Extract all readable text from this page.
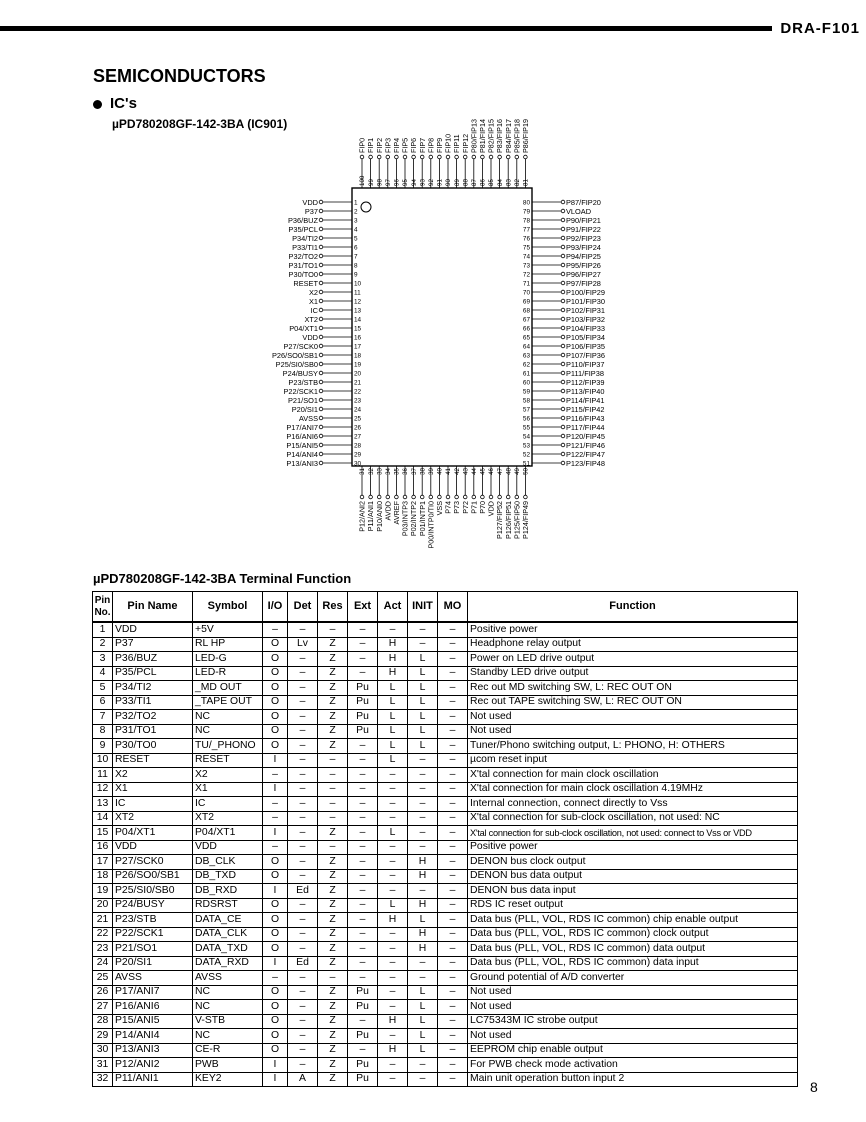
DRA-F101
SEMICONDUCTORS
IC's
µPD780208GF-142-3BA (IC901)
1
VDD
2
P37
3
P36/BUZ
4
P35/PCL
5
P34/TI2
6
P33/TI1
7
P32/TO2
8
P31/TO1
9
P30/TO0
10
RESET
11
X2
12
X1
13
IC
14
XT2
15
P04/XT1
16
VDD
17
P27/SCK0
18
P26/SO0/SB1
19
P25/SI0/SB0
20
P24/BUSY
21
P23/STB
22
P22/SCK1
23
P21/SO1
24
P20/SI1
25
AVSS
26
P17/ANI7
27
P16/ANI6
28
P15/ANI5
29
P14/ANI4
30
P13/ANI3
80	P87/FIP20
79	VLOAD
78	P90/FIP21
77	P91/FIP22
76	P92/FIP23
75	P93/FIP24
74	P94/FIP25
73	P95/FIP26
72	P96/FIP27
71	P97/FIP28
70	P100/FIP29
69	P101/FIP30
68	P102/FIP31
67	P103/FIP32
66	P104/FIP33
65	P105/FIP34
64	P106/FIP35
63	P107/FIP36
62	P110/FIP37
61	P111/FIP38
60	P112/FIP39
59	P113/FIP40
58	P114/FIP41
57	P115/FIP42
56	P116/FIP43
55	P117/FIP44
54	P120/FIP45
53	P121/FIP46
52	P122/FIP47
51	P123/FIP48
100
FIP0
99
FIP1
98
FIP2
97
FIP3
96
FIP4
95
FIP5
94
FIP6
93
FIP7
92
FIP8
91
FIP9
90
FIP10
89
FIP11
88
FIP12
87
P80/FIP13
86
P81/FIP14
85
P82/FIP15
84
P83/FIP16
83
P84/FIP17
82
P85/FIP18
81
P86/FIP19
31
P12/ANI2
32
P11/ANI1
33
P10/ANI0
34
AVDD
35
AVREF
36
P03/INTP3
37
P02/INTP2
38
P01/INTP1
39
P00/INTP0/TI0
40
VSS
41
P74
42
P73
43
P72
44
P71
45
P70
46
VDD
47
P127/FIP52
48
P126/FIP51
49
P125/FIP50
50
P124/FIP49
µPD780208GF-142-3BA Terminal Function
Pin No.	Pin Name	Symbol	I/O	Det	Res	Ext	Act	INIT	MO	Function
1	VDD	+5V	–	–	–	–	–	–	–	Positive power
2	P37	RL HP	O	Lv	Z	–	H	–	–	Headphone relay output
3	P36/BUZ	LED-G	O	–	Z	–	H	L	–	Power on LED drive output
4	P35/PCL	LED-R	O	–	Z	–	H	L	–	Standby LED drive output
5	P34/TI2	_MD OUT	O	–	Z	Pu	L	L	–	Rec out MD switching SW, L: REC OUT ON
6	P33/TI1	_TAPE OUT	O	–	Z	Pu	L	L	–	Rec out TAPE switching SW, L: REC OUT ON
7	P32/TO2	NC	O	–	Z	Pu	L	L	–	Not used
8	P31/TO1	NC	O	–	Z	Pu	L	L	–	Not used
9	P30/TO0	TU/_PHONO	O	–	Z	–	L	L	–	Tuner/Phono switching output, L: PHONO, H: OTHERS
10	RESET	RESET	I	–	–	–	L	–	–	µcom reset input
11	X2	X2	–	–	–	–	–	–	–	X'tal connection for main clock oscillation
12	X1	X1	I	–	–	–	–	–	–	X'tal connection for main clock oscillation 4.19MHz
13	IC	IC	–	–	–	–	–	–	–	Internal connection, connect directly to Vss
14	XT2	XT2	–	–	–	–	–	–	–	X'tal connection for sub-clock oscillation, not used: NC
15	P04/XT1	P04/XT1	I	–	Z	–	L	–	–	X'tal connection for sub-clock oscillation, not used: connect to Vss or VDD
16	VDD	VDD	–	–	–	–	–	–	–	Positive power
17	P27/SCK0	DB_CLK	O	–	Z	–	–	H	–	DENON bus clock output
18	P26/SO0/SB1	DB_TXD	O	–	Z	–	–	H	–	DENON bus data output
19	P25/SI0/SB0	DB_RXD	I	Ed	Z	–	–	–	–	DENON bus data input
20	P24/BUSY	RDSRST	O	–	Z	–	L	H	–	RDS IC reset output
21	P23/STB	DATA_CE	O	–	Z	–	H	L	–	Data bus (PLL, VOL, RDS IC common) chip enable output
22	P22/SCK1	DATA_CLK	O	–	Z	–	–	H	–	Data bus (PLL, VOL, RDS IC common) clock output
23	P21/SO1	DATA_TXD	O	–	Z	–	–	H	–	Data bus (PLL, VOL, RDS IC common) data output
24	P20/SI1	DATA_RXD	I	Ed	Z	–	–	–	–	Data bus (PLL, VOL, RDS IC common) data input
25	AVSS	AVSS	–	–	–	–	–	–	–	Ground potential of A/D converter
26	P17/ANI7	NC	O	–	Z	Pu	–	L	–	Not used
27	P16/ANI6	NC	O	–	Z	Pu	–	L	–	Not used
28	P15/ANI5	V-STB	O	–	Z	–	H	L	–	LC75343M IC strobe output
29	P14/ANI4	NC	O	–	Z	Pu	–	L	–	Not used
30	P13/ANI3	CE-R	O	–	Z	–	H	L	–	EEPROM chip enable output
31	P12/ANI2	PWB	I	–	Z	Pu	–	–	–	For PWB check mode activation
32	P11/ANI1	KEY2	I	A	Z	Pu	–	–	–	Main unit operation button input 2
8
